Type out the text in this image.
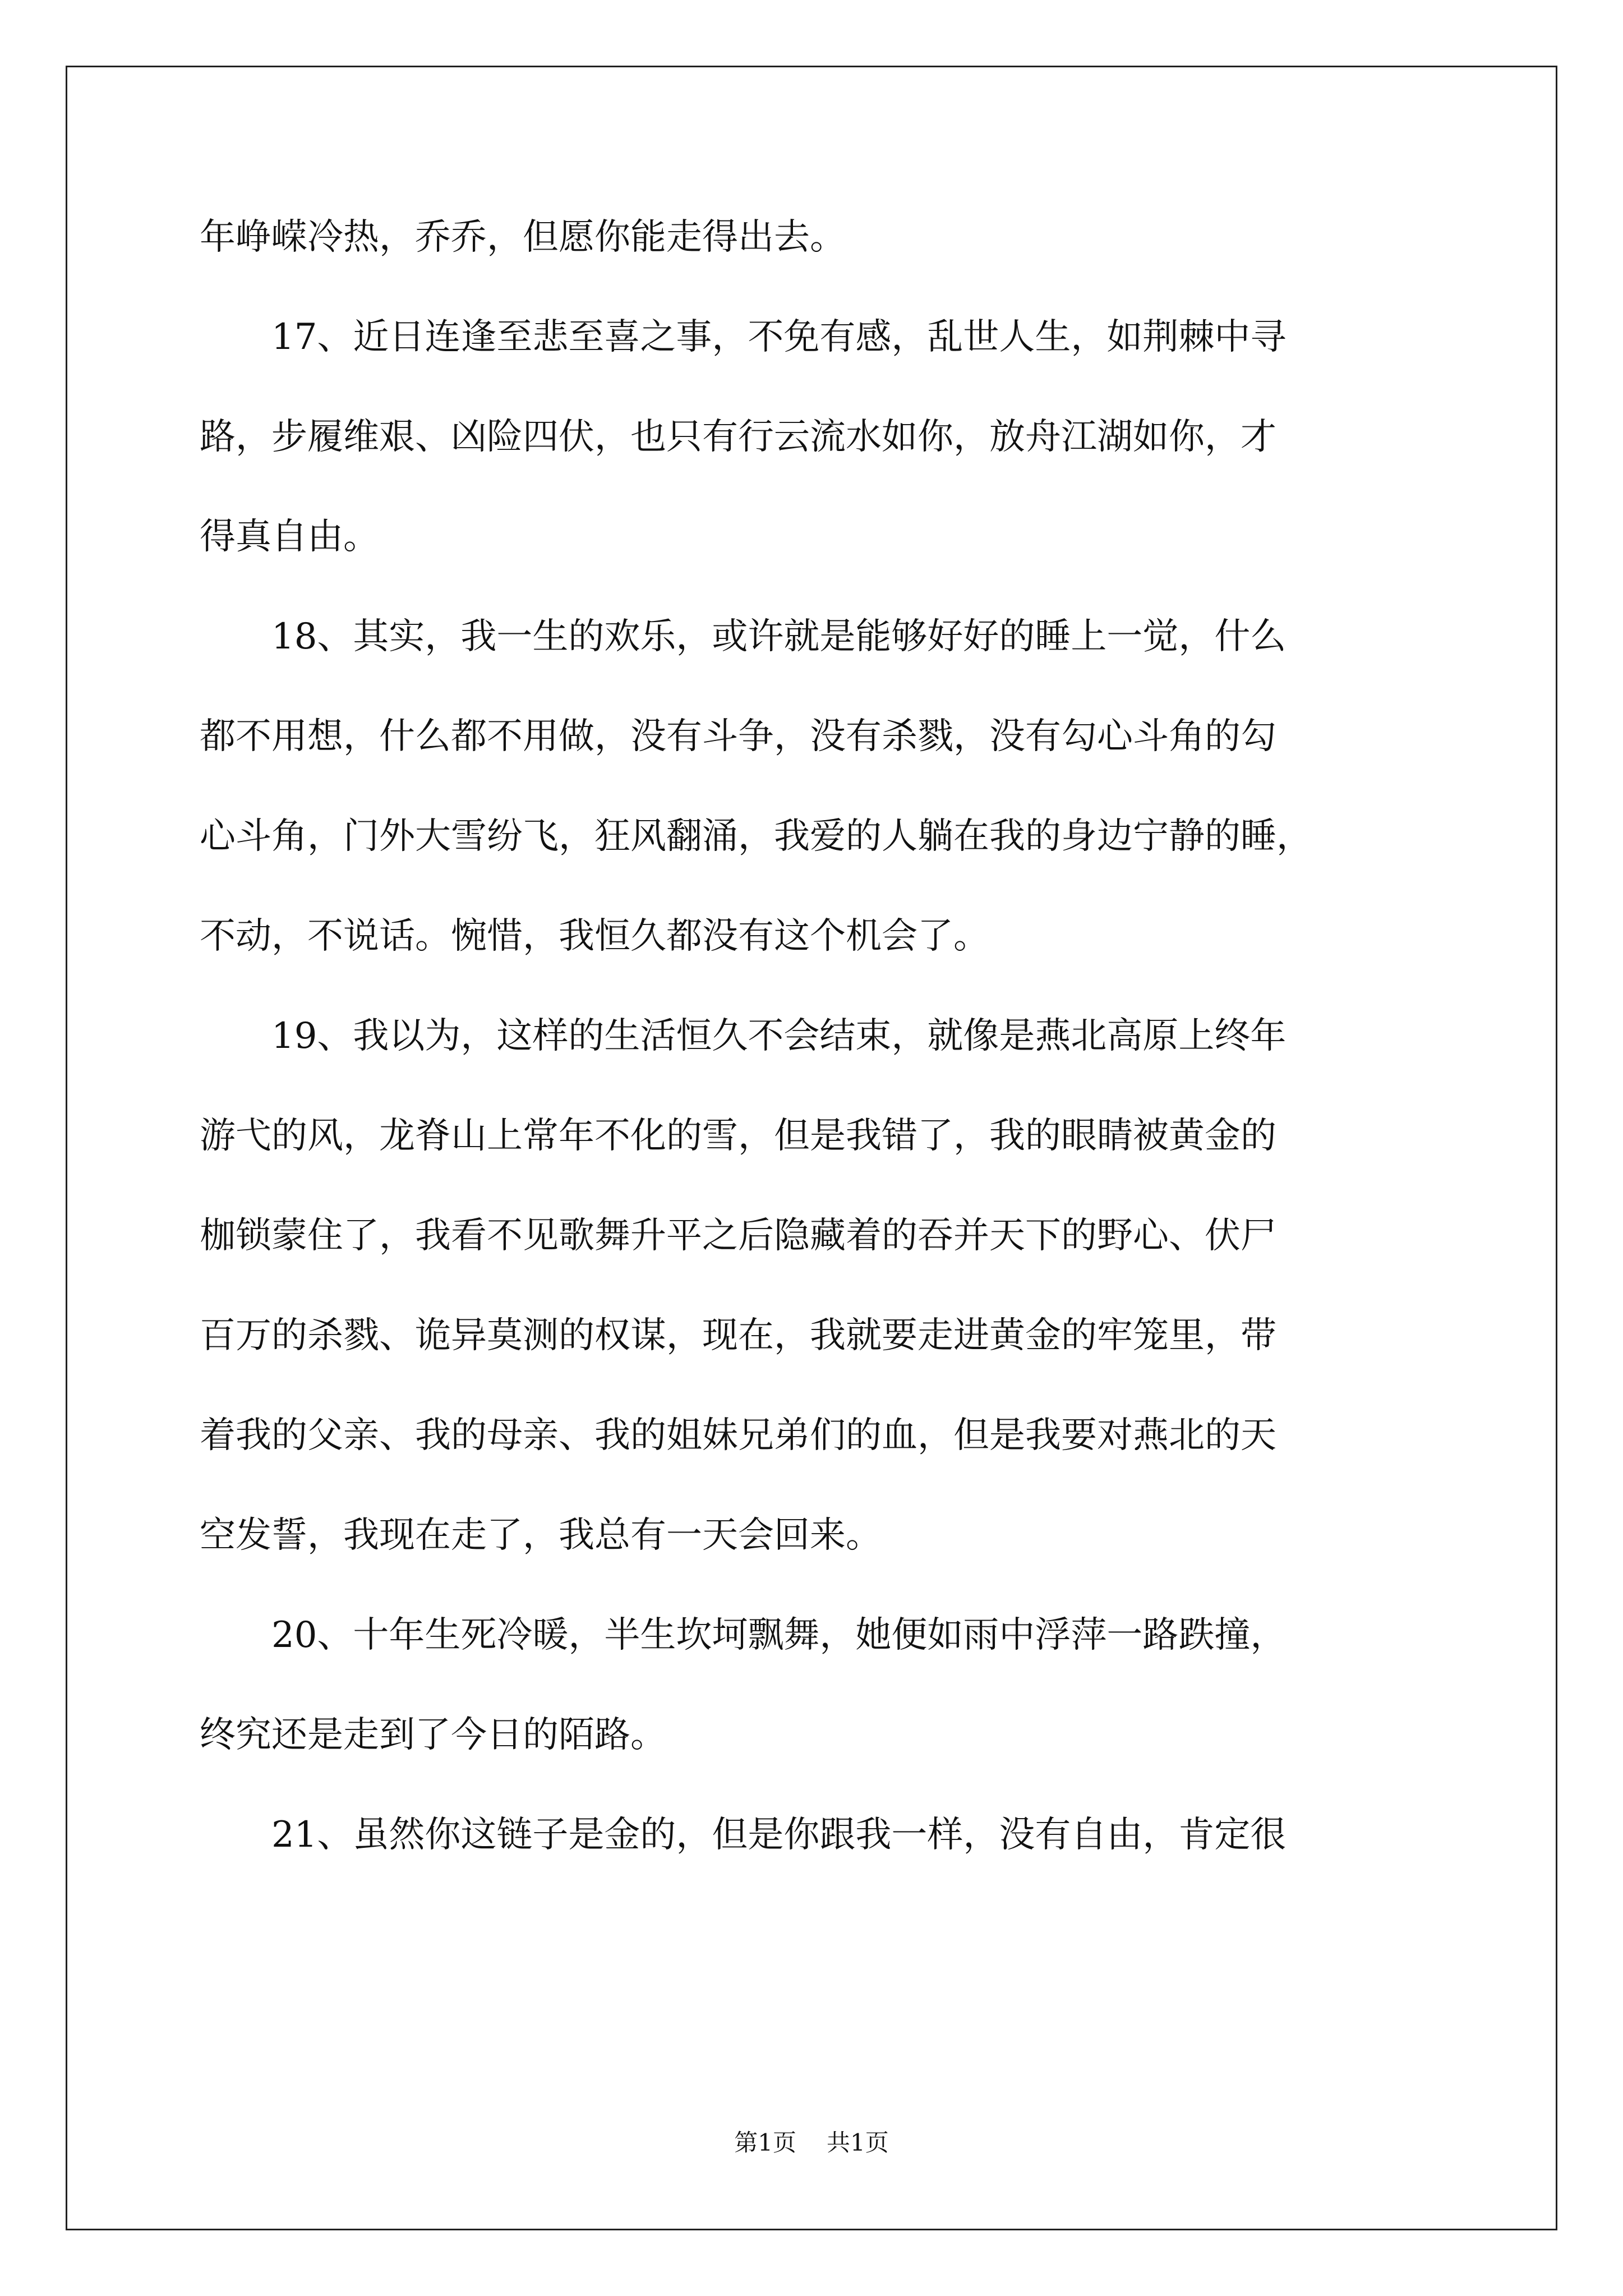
年峥嵘冷热，乔乔，但愿你能走得出去。
　　17、近日连逢至悲至喜之事，不免有感，乱世人生，如荆棘中寻
路，步履维艰、凶险四伏，也只有行云流水如你，放舟江湖如你，才
得真自由。
　　18、其实，我一生的欢乐，或许就是能够好好的睡上一觉，什么
都不用想，什么都不用做，没有斗争，没有杀戮，没有勾心斗角的勾
心斗角，门外大雪纷飞，狂风翻涌，我爱的人躺在我的身边宁静的睡，
不动，不说话。惋惜，我恒久都没有这个机会了。
　　19、我以为，这样的生活恒久不会结束，就像是燕北高原上终年
游弋的风，龙脊山上常年不化的雪，但是我错了，我的眼睛被黄金的
枷锁蒙住了，我看不见歌舞升平之后隐藏着的吞并天下的野心、伏尸
百万的杀戮、诡异莫测的权谋，现在，我就要走进黄金的牢笼里，带
着我的父亲、我的母亲、我的姐妹兄弟们的血，但是我要对燕北的天
空发誓，我现在走了，我总有一天会回来。
　　20、十年生死冷暖，半生坎坷飘舞，她便如雨中浮萍一路跌撞，
终究还是走到了今日的陌路。
　　21、虽然你这链子是金的，但是你跟我一样，没有自由，肯定很
第1页 共1页
